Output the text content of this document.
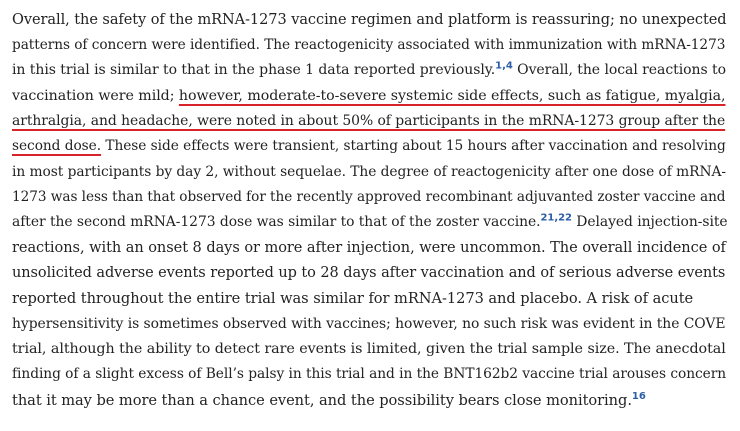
Overall, the safety of the mRNA-1273 vaccine regimen and platform is reassuring; no unexpected
patterns of concern were identified. The reactogenicity associated with immunization with mRNA-1273
in this trial is similar to that in the phase 1 data reported previously.$^{1,4}$ Overall, the local reactions to
vaccination were mild; however, moderate-to-severe systemic side effects, such as fatigue, myalgia,
arthralgia, and headache, were noted in about 50% of participants in the mRNA-1273 group after the
second dose. These side effects were transient, starting about 15 hours after vaccination and resolving
in most participants by day 2, without sequelae. The degree of reactogenicity after one dose of mRNA-
1273 was less than that observed for the recently approved recombinant adjuvanted zoster vaccine and
after the second mRNA-1273 dose was similar to that of the zoster vaccine.$^{21,22}$ Delayed injection-site
reactions, with an onset 8 days or more after injection, were uncommon. The overall incidence of
unsolicited adverse events reported up to 28 days after vaccination and of serious adverse events
reported throughout the entire trial was similar for mRNA-1273 and placebo. A risk of acute
hypersensitivity is sometimes observed with vaccines; however, no such risk was evident in the COVE
trial, although the ability to detect rare events is limited, given the trial sample size. The anecdotal
finding of a slight excess of Bell’s palsy in this trial and in the BNT162b2 vaccine trial arouses concern
that it may be more than a chance event, and the possibility bears close monitoring.$^{16}$
